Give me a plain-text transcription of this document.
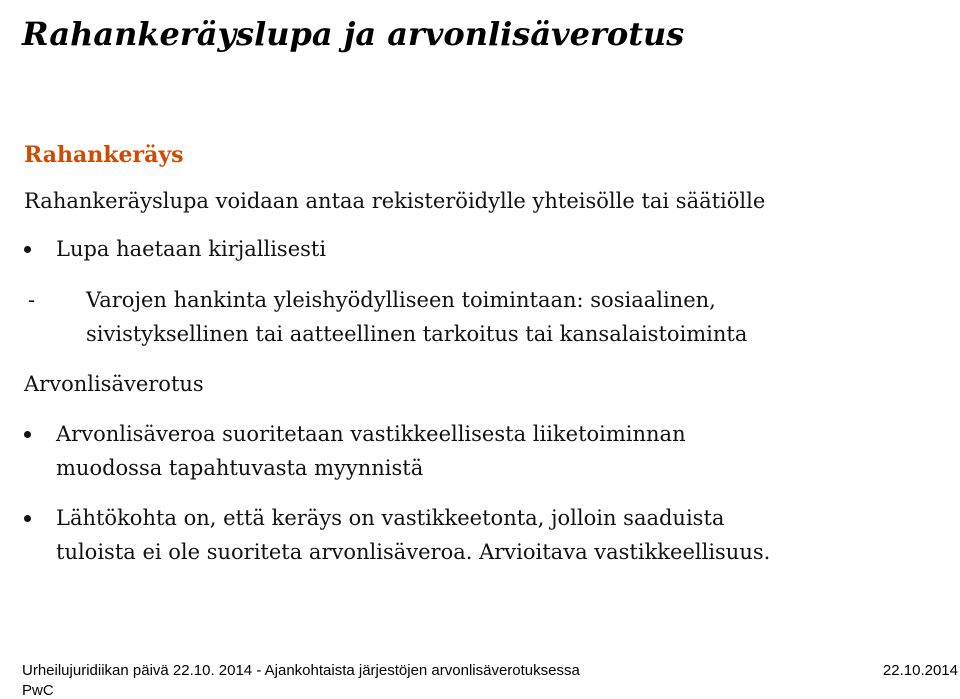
Rahankeräyslupa ja arvonlisäverotus
Rahankeräys

Rahankeräyslupa voidaan antaa rekisteröidylle yhteisölle tai säätiölle

Lupa haetaan kirjallisesti
- Varojen hankinta yleishyödylliseen toimintaan: sosiaalinen,
sivistyksellinen tai aatteellinen tarkoitus tai kansalaistoiminta

Arvonlisäverotus

Arvonlisäveroa suoritetaan vastikkeellisesta liiketoiminnan
muodossa tapahtuvasta myynnistä
Lähtökohta on, että keräys on vastikkeetonta, jolloin saaduista
tuloista ei ole suoriteta arvonlisäveroa. Arvioitava vastikkeellisuus.
Urheilujuridiikan päivä 22.10. 2014 - Ajankohtaista järjestöjen arvonlisäverotuksessa	22.10.2014
PwC
